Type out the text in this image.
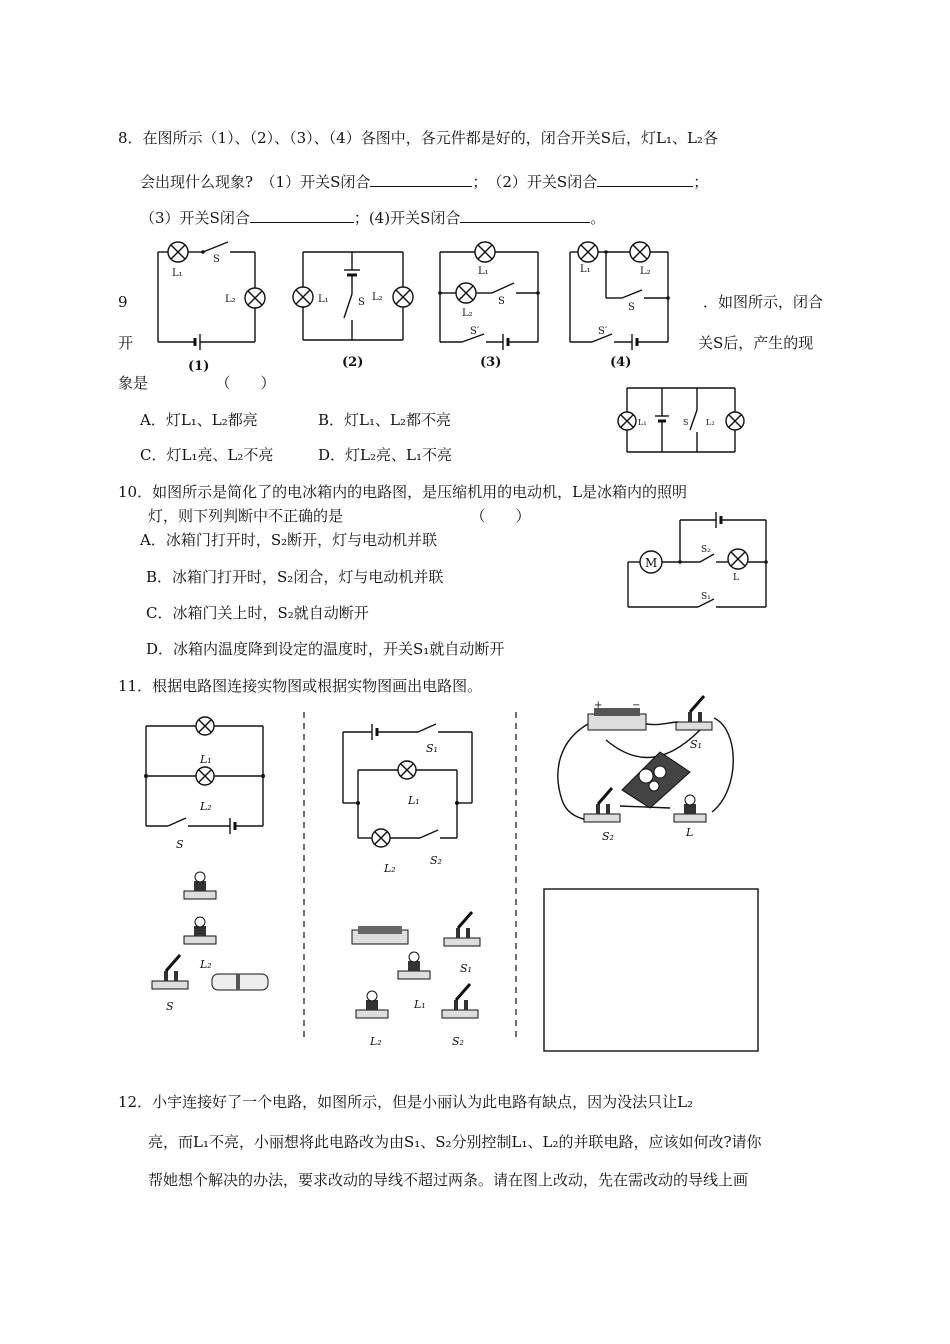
8．在图所示（1）、（2）、（3）、（4）各图中，各元件都是好的，闭合开关S后，灯L₁、L₂各
会出现什么现象?　（1）开关S闭合	；　（2）开关S闭合	；
（3）开关S闭合	；(4)开关S闭合	。
L₁
S
L₂
(1)
L₁	S L₂
(2)
L₁
L₂
S
S′
(3)
L₁	L₂
S
S′
(4)
9	．如图所示，闭合
开	关S后，产生的现
象是　　　　　（　　）
A．灯L₁、L₂都亮	B．灯L₁、L₂都不亮
C．灯L₁亮、L₂不亮	D．灯L₂亮、L₁不亮
L₁	S L₂
10．如图所示是简化了的电冰箱内的电路图，是压缩机用的电动机，L是冰箱内的照明
灯，则下列判断中不正确的是　　　　　　　　　（　　）
A．冰箱门打开时，S₂断开，灯与电动机并联
B．冰箱门打开时，S₂闭合，灯与电动机并联
C．冰箱门关上时，S₂就自动断开
D．冰箱内温度降到设定的温度时，开关S₁就自动断开
M
S₂
L
S₁
11．根据电路图连接实物图或根据实物图画出电路图。
L₁
L₂
S
L₂
S
S₁
L₁
L₂
S₂
S₁
L₁
L₂	S₂
+	−
S₁
S₂	L
12．小宇连接好了一个电路，如图所示，但是小丽认为此电路有缺点，因为没法只让L₂
亮，而L₁不亮，小丽想将此电路改为由S₁、S₂分别控制L₁、L₂的并联电路，应该如何改?请你
帮她想个解决的办法，要求改动的导线不超过两条。请在图上改动，先在需改动的导线上画
